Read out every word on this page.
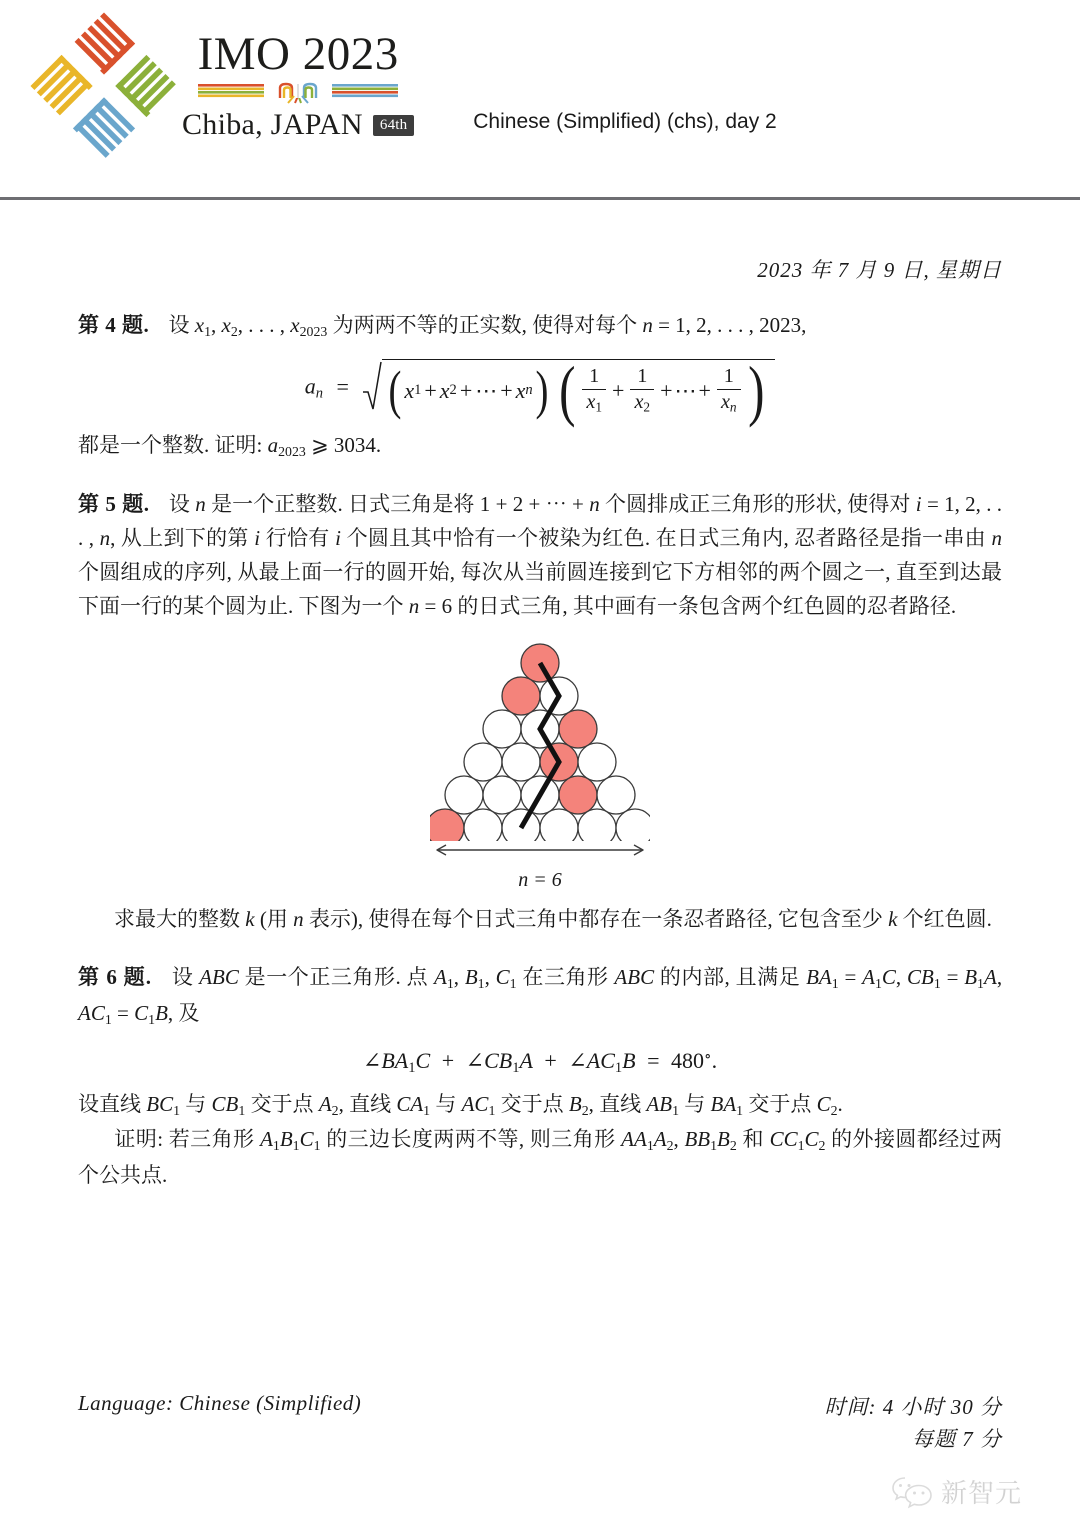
IMO 2023
Chiba, JAPAN	64th	Chinese (Simplified) (chs), day 2
2023 年 7 月 9 日, 星期日
第 4 题. 设 $x_1$, $x_2$, . . . , $x_{2023}$ 为两两不等的正实数, 使得对每个 n = 1, 2, . . . , 2023,
$a_n$ = ( x 1 + x 2 + ⋯ + x n ) ( $\frac{1}{x_1} + \frac{1}{x_2}$ + ⋯ + $\frac{1}{x_n}$ )
都是一个整数. 证明: $a_{2023}$ ⩾ 3034.
第 5 题. 设 n 是一个正整数. 日式三角是将 1 + 2 + ⋯ + n 个圆排成正三角形的形状, 使得对 i = 1, 2, . . . , n, 从上到下的第 i 行恰有 i 个圆且其中恰有一个被染为红色. 在日式三角内, 忍者路径是指一串由 n 个圆组成的序列, 从最上面一行的圆开始, 每次从当前圆连接到它下方相邻的两个圆之一, 直至到达最下面一行的某个圆为止. 下图为一个 n = 6 的日式三角, 其中画有一条包含两个红色圆的忍者路径.
n = 6
求最大的整数 k (用 n 表示), 使得在每个日式三角中都存在一条忍者路径, 它包含至少 k 个红色圆.
第 6 题. 设 ABC 是一个正三角形. 点 $A_1$, $B_1$, $C_1$ 在三角形 ABC 的内部, 且满足 $BA_1 = A_1C$, $CB_1 = B_1A$, $AC_1 = C_1B$, 及
$\angle BA_1C$ + $\angle CB_1A$ + $\angle AC_1B = 480^\circ$.
设直线 $BC_1$ 与 $CB_1$ 交于点 $A_2$, 直线 $CA_1$ 与 $AC_1$ 交于点 $B_2$, 直线 $AB_1$ 与 $BA_1$ 交于点 $C_2$.
证明: 若三角形 $A_1B_1C_1$ 的三边长度两两不等, 则三角形 $AA_1A_2$, $BB_1B_2$ 和 $CC_1C_2$ 的外接圆都经过两个公共点.
Language: Chinese (Simplified)	时间: 4 小时 30 分
每题 7 分
新智元
